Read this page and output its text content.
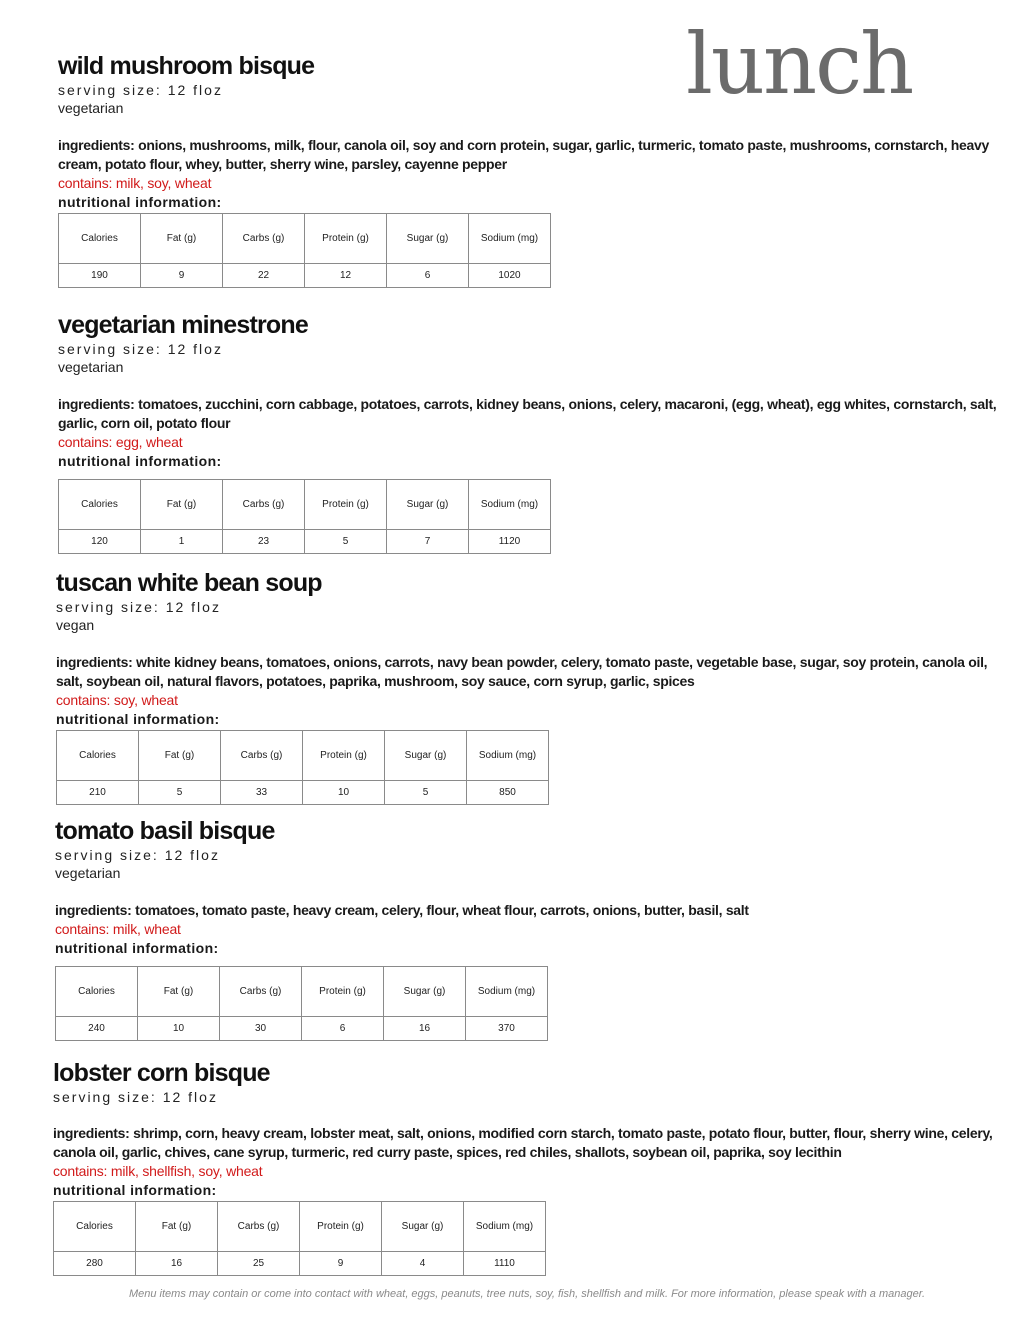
lunch
wild mushroom bisque
serving size: 12 floz
vegetarian
ingredients: onions, mushrooms, milk, flour, canola oil, soy and corn protein, sugar, garlic, turmeric, tomato paste, mushrooms, cornstarch, heavy cream, potato flour, whey, butter, sherry wine, parsley, cayenne pepper
contains: milk, soy, wheat
nutritional information:
Calories	Fat (g)	Carbs (g)	Protein (g)	Sugar (g)	Sodium (mg)
190	9	22	12	6	1020
vegetarian minestrone
serving size: 12 floz
vegetarian
ingredients: tomatoes, zucchini, corn cabbage, potatoes, carrots, kidney beans, onions, celery, macaroni, (egg, wheat), egg whites, cornstarch, salt, garlic, corn oil, potato flour
contains: egg, wheat
nutritional information:
Calories	Fat (g)	Carbs (g)	Protein (g)	Sugar (g)	Sodium (mg)
120	1	23	5	7	1120
tuscan white bean soup
serving size: 12 floz
vegan
ingredients: white kidney beans, tomatoes, onions, carrots, navy bean powder, celery, tomato paste, vegetable base, sugar, soy protein, canola oil, salt, soybean oil, natural flavors, potatoes, paprika, mushroom, soy sauce, corn syrup, garlic, spices
contains: soy, wheat
nutritional information:
Calories	Fat (g)	Carbs (g)	Protein (g)	Sugar (g)	Sodium (mg)
210	5	33	10	5	850
tomato basil bisque
serving size: 12 floz
vegetarian
ingredients: tomatoes, tomato paste, heavy cream, celery, flour, wheat flour, carrots, onions, butter, basil, salt
contains: milk, wheat
nutritional information:
Calories	Fat (g)	Carbs (g)	Protein (g)	Sugar (g)	Sodium (mg)
240	10	30	6	16	370
lobster corn bisque
serving size: 12 floz
ingredients: shrimp, corn, heavy cream, lobster meat, salt, onions, modified corn starch, tomato paste, potato flour, butter, flour, sherry wine, celery, canola oil, garlic, chives, cane syrup, turmeric, red curry paste, spices, red chiles, shallots, soybean oil, paprika, soy lecithin
contains: milk, shellfish, soy, wheat
nutritional information:
Calories	Fat (g)	Carbs (g)	Protein (g)	Sugar (g)	Sodium (mg)
280	16	25	9	4	1110
Menu items may contain or come into contact with wheat, eggs, peanuts, tree nuts, soy, fish, shellfish and milk. For more information, please speak with a manager.
